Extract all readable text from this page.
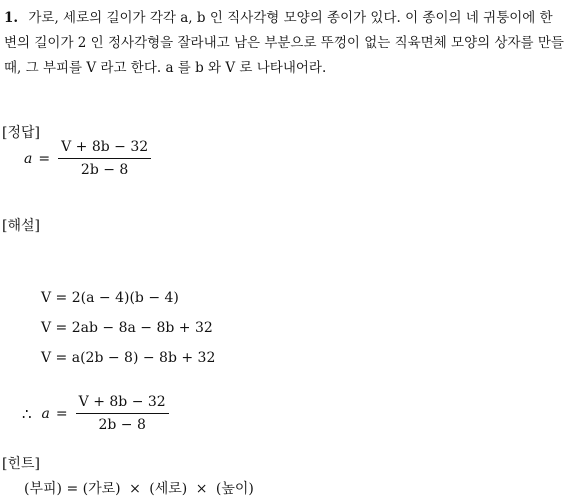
1. 가로, 세로의 길이가 각각 a, b 인 직사각형 모양의 종이가 있다. 이 종이의 네 귀퉁이에 한 변의 길이가 2 인 정사각형을 잘라내고 남은 부분으로 뚜껑이 없는 직육면체 모양의 상자를 만들 때, 그 부피를 V 라고 한다. a 를 b 와 V 로 나타내어라.
[정답]
$a = \frac{V + 8b - 32}{2b - 8}$
[해설]
V = 2(a − 4)(b − 4)
V = 2ab − 8a − 8b + 32
V = a(2b − 8) − 8b + 32
∴ $a = \frac{V + 8b - 32}{2b - 8}$
[힌트]
(부피) = (가로) × (세로) × (높이)
